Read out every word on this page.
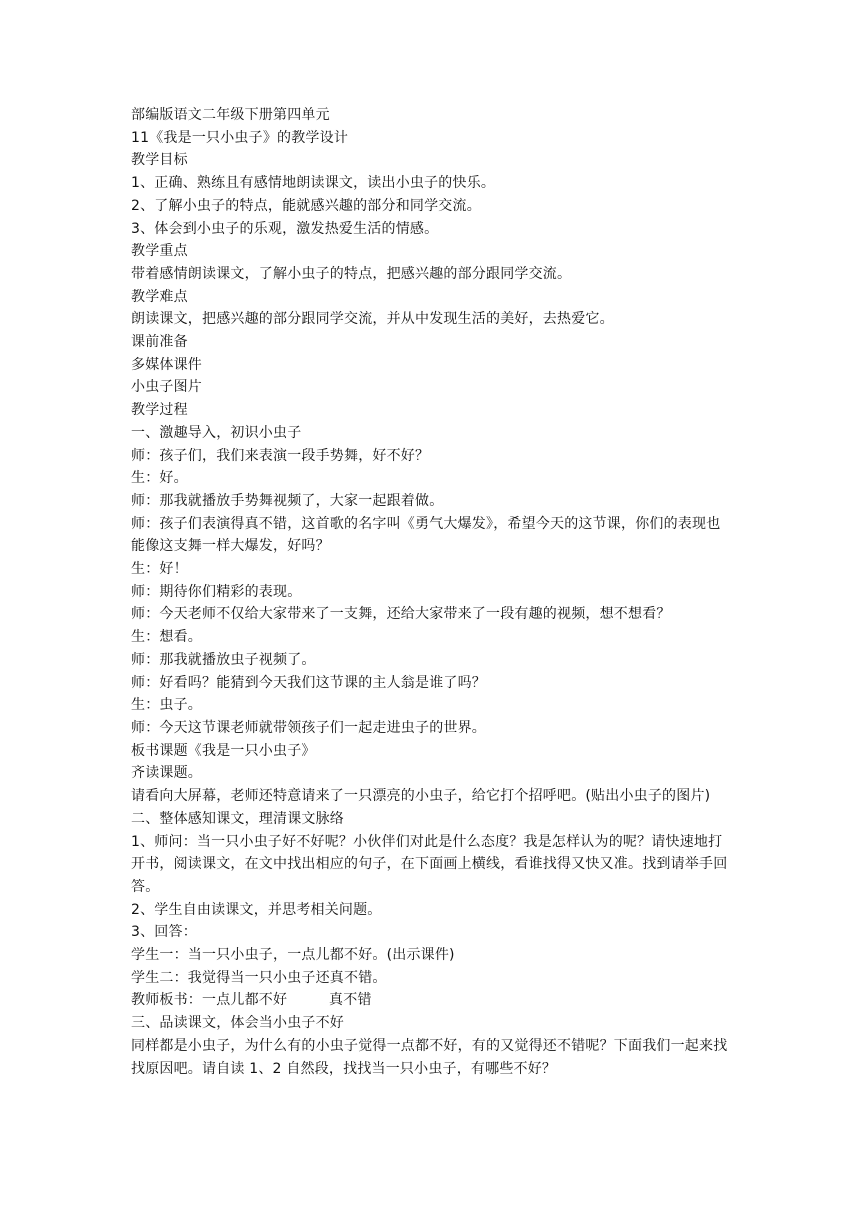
部编版语文二年级下册第四单元
11《我是一只小虫子》的教学设计
教学目标
1、正确、熟练且有感情地朗读课文，读出小虫子的快乐。
2、了解小虫子的特点，能就感兴趣的部分和同学交流。
3、体会到小虫子的乐观，激发热爱生活的情感。
教学重点
带着感情朗读课文，了解小虫子的特点，把感兴趣的部分跟同学交流。
教学难点
朗读课文，把感兴趣的部分跟同学交流，并从中发现生活的美好，去热爱它。
课前准备
多媒体课件
小虫子图片
教学过程
一、激趣导入，初识小虫子
师：孩子们，我们来表演一段手势舞，好不好？
生：好。
师：那我就播放手势舞视频了，大家一起跟着做。
师：孩子们表演得真不错，这首歌的名字叫《勇气大爆发》，希望今天的这节课，你们的表现也能像这支舞一样大爆发，好吗？
生：好！
师：期待你们精彩的表现。
师：今天老师不仅给大家带来了一支舞，还给大家带来了一段有趣的视频，想不想看？
生：想看。
师：那我就播放虫子视频了。
师：好看吗？能猜到今天我们这节课的主人翁是谁了吗？
生：虫子。
师：今天这节课老师就带领孩子们一起走进虫子的世界。
板书课题《我是一只小虫子》
齐读课题。
请看向大屏幕，老师还特意请来了一只漂亮的小虫子，给它打个招呼吧。(贴出小虫子的图片)
二、整体感知课文，理清课文脉络
1、师问：当一只小虫子好不好呢？小伙伴们对此是什么态度？我是怎样认为的呢？请快速地打开书，阅读课文，在文中找出相应的句子，在下面画上横线，看谁找得又快又准。找到请举手回答。
2、学生自由读课文，并思考相关问题。
3、回答：
学生一：当一只小虫子，一点儿都不好。(出示课件)
学生二：我觉得当一只小虫子还真不错。
教师板书：一点儿都不好         真不错
三、品读课文，体会当小虫子不好
同样都是小虫子，为什么有的小虫子觉得一点都不好，有的又觉得还不错呢？下面我们一起来找找原因吧。请自读 1、2 自然段，找找当一只小虫子，有哪些不好？
